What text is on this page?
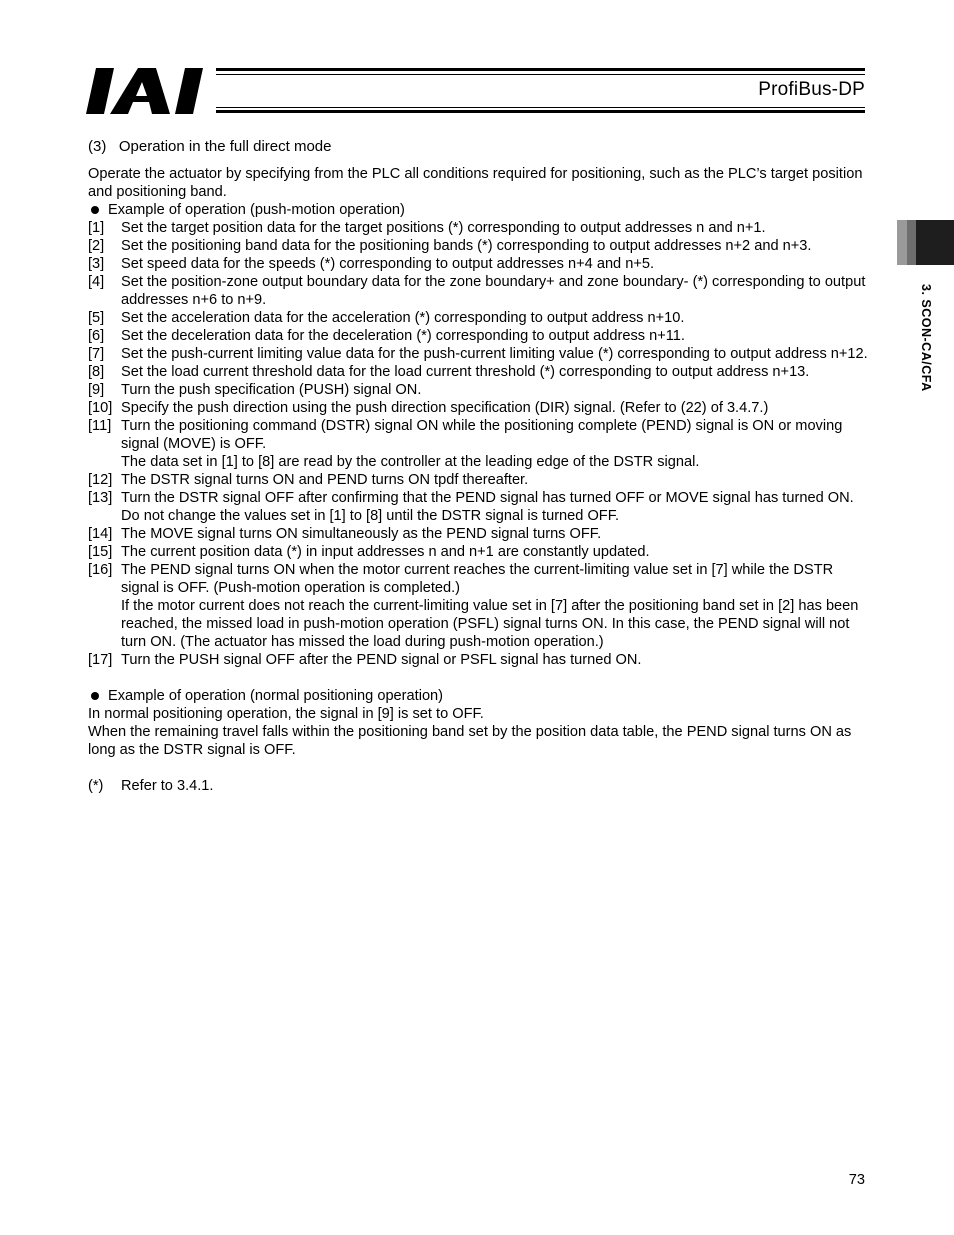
ProfiBus-DP

(3) Operation in the full direct mode

Operate the actuator by specifying from the PLC all conditions required for positioning, such as the PLC’s target position and positioning band.

Example of operation (push-motion operation)

[1]	Set the target position data for the target positions (*) corresponding to output addresses n and n+1.

[2]	Set the positioning band data for the positioning bands (*) corresponding to output addresses n+2 and n+3.

[3]	Set speed data for the speeds (*) corresponding to output addresses n+4 and n+5.

[4]	Set the position-zone output boundary data for the zone boundary+ and zone boundary- (*) corresponding to output addresses n+6 to n+9.

[5]	Set the acceleration data for the acceleration (*) corresponding to output address n+10.

[6]	Set the deceleration data for the deceleration (*) corresponding to output address n+11.

[7]	Set the push-current limiting value data for the push-current limiting value (*) corresponding to output address n+12.

[8]	Set the load current threshold data for the load current threshold (*) corresponding to output address n+13.

[9]	Turn the push specification (PUSH) signal ON.

[10] Specify the push direction using the push direction specification (DIR) signal. (Refer to (22) of 3.4.7.)

[11] Turn the positioning command (DSTR) signal ON while the positioning complete (PEND) signal is ON or moving signal (MOVE) is OFF.

The data set in [1] to [8] are read by the controller at the leading edge of the DSTR signal.

[12] The DSTR signal turns ON and PEND turns ON tpdf thereafter.

[13] Turn the DSTR signal OFF after confirming that the PEND signal has turned OFF or MOVE signal has turned ON. Do not change the values set in [1] to [8] until the DSTR signal is turned OFF.

[14] The MOVE signal turns ON simultaneously as the PEND signal turns OFF.

[15] The current position data (*) in input addresses n and n+1 are constantly updated.

[16] The PEND signal turns ON when the motor current reaches the current-limiting value set in [7] while the DSTR signal is OFF. (Push-motion operation is completed.)

If the motor current does not reach the current-limiting value set in [7] after the positioning band set in [2] has been reached, the missed load in push-motion operation (PSFL) signal turns ON. In this case, the PEND signal will not turn ON. (The actuator has missed the load during push-motion operation.)

[17] Turn the PUSH signal OFF after the PEND signal or PSFL signal has turned ON.

Example of operation (normal positioning operation)

In normal positioning operation, the signal in [9] is set to OFF.

When the remaining travel falls within the positioning band set by the position data table, the PEND signal turns ON as long as the DSTR signal is OFF.

(*)	Refer to 3.4.1.
3. SCON-CA/CFA
73
